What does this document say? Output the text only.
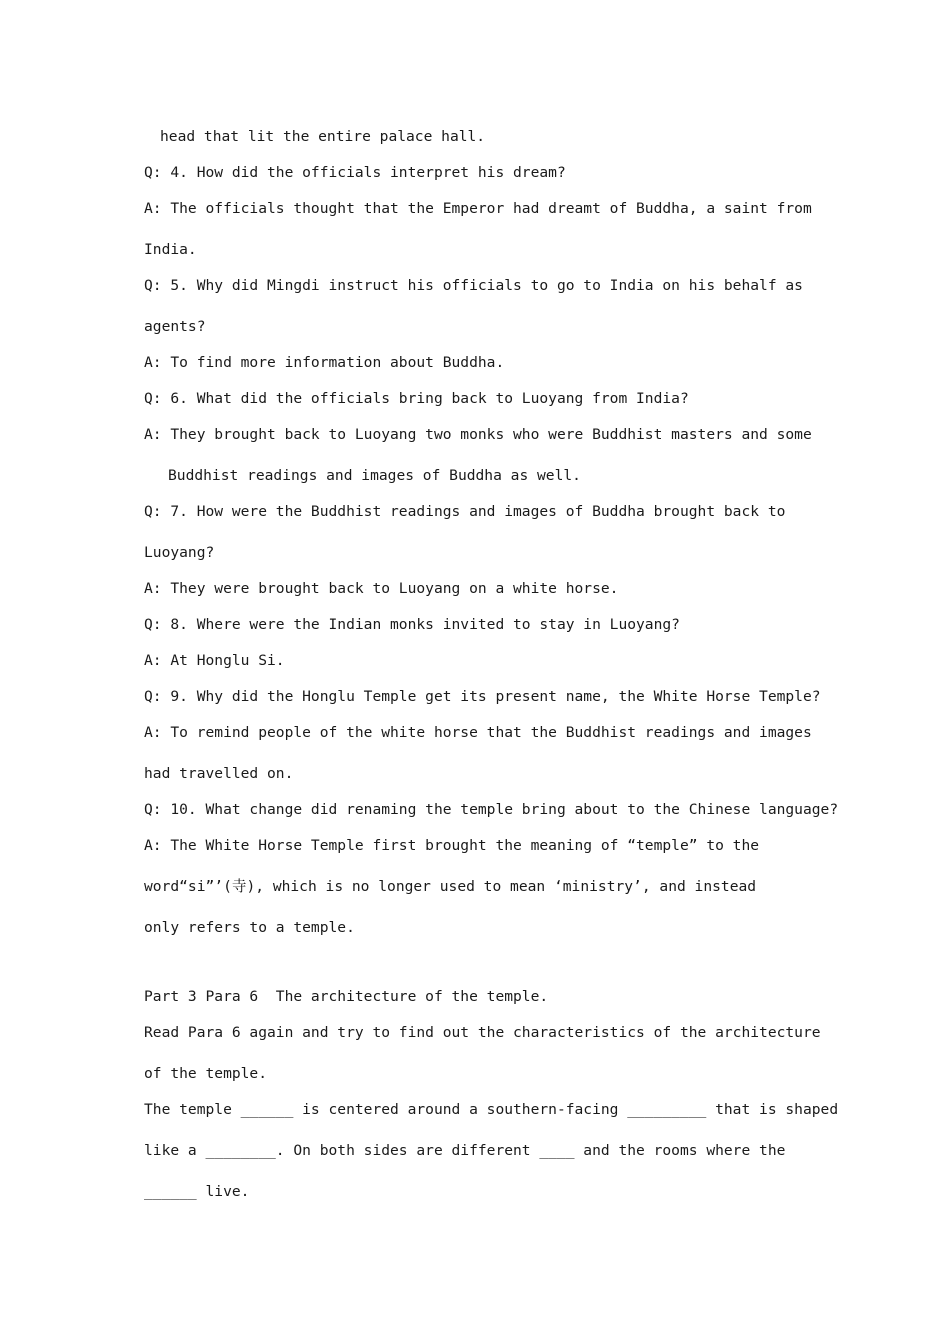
head that lit the entire palace hall.

Q: 4. How did the officials interpret his dream?

A: The officials thought that the Emperor had dreamt of Buddha, a saint from

India.

Q: 5. Why did Mingdi instruct his officials to go to India on his behalf as

agents?

A: To find more information about Buddha.

Q: 6. What did the officials bring back to Luoyang from India?

A: They brought back to Luoyang two monks who were Buddhist masters and some

Buddhist readings and images of Buddha as well.

Q: 7. How were the Buddhist readings and images of Buddha brought back to

Luoyang?

A: They were brought back to Luoyang on a white horse.

Q: 8. Where were the Indian monks invited to stay in Luoyang?

A: At Honglu Si.

Q: 9. Why did the Honglu Temple get its present name, the White Horse Temple?

A: To remind people of the white horse that the Buddhist readings and images

had travelled on.

Q: 10. What change did renaming the temple bring about to the Chinese language?

A: The White Horse Temple first brought the meaning of “temple” to the

word“si”’(寺), which is no longer used to mean ‘ministry’, and instead

only refers to a temple.

Part 3 Para 6  The architecture of the temple.

Read Para 6 again and try to find out the characteristics of the architecture

of the temple.

The temple ______ is centered around a southern-facing _________ that is shaped

like a ________. On both sides are different ____ and the rooms where the

______ live.
